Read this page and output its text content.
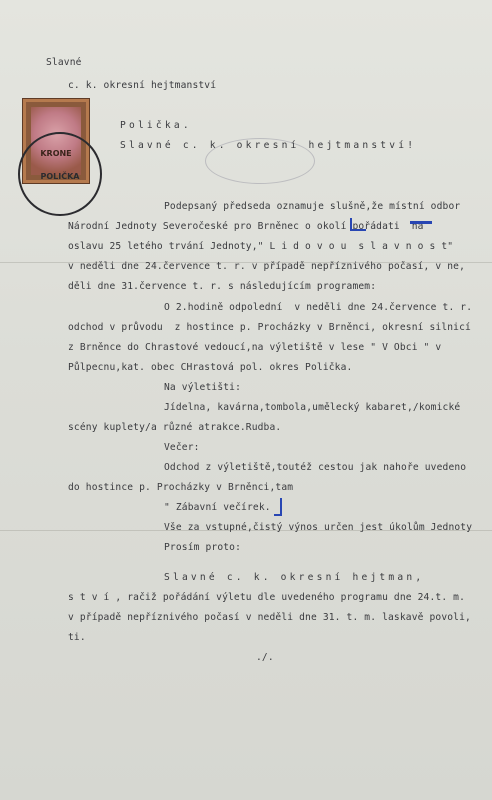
KRONE
POLIČKA
Slavné
c. k. okresní hejtmanství
Polička.
Slavné c. k. okresní hejtmanství!
Podepsaný předseda oznamuje slušně,že místní odbor
Národní Jednoty Severočeské pro Brněnec o okolí pořádati  na
oslavu 25 letého trvání Jednoty," L i d o v o u  s l a v n o s t"
v neděli dne 24.července t. r. v případě nepříznivého počasí, v ne,
děli dne 31.července t. r. s následujícím programem:
O 2.hodině odpolední  v neděli dne 24.července t. r.
odchod v průvodu  z hostince p. Procházky v Brněnci, okresní silnicí
z Brněnce do Chrastové vedoucí,na výletiště v lese " V Obci " v
Půlpecnu,kat. obec CHrastová pol. okres Polička.
Na výletišti:
Jídelna, kavárna,tombola,umělecký kabaret,/komické
scény kuplety/a různé atrakce.Rudba.
Večer:
Odchod z výletiště,toutéž cestou jak nahoře uvedeno
do hostince p. Procházky v Brněnci,tam
" Zábavní večírek.
Vše za vstupné,čistý výnos určen jest úkolům Jednoty
Prosím proto:
Slavné c. k. okresní hejtman,
s t v í , račiž pořádání výletu dle uvedeného programu dne 24.t. m.
v případě nepříznivého počasí v neděli dne 31. t. m. laskavě povoli,
ti.
./.
